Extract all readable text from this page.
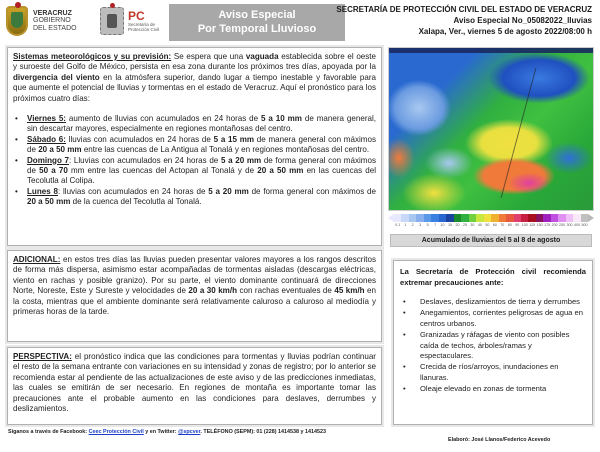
VERACRUZ
GOBIERNO
DEL ESTADO
PC
Secretaría de
Protección Civil
Aviso Especial
Por Temporal Lluvioso
SECRETARÍA DE PROTECCIÓN CIVIL DEL ESTADO DE VERACRUZ
Aviso Especial No_05082022_lluvias
Xalapa, Ver., viernes 5 de agosto 2022/08:00 h
Sistemas meteorológicos y su previsión: Se espera que una vaguada establecida sobre el oeste y suroeste del Golfo de México, persista en esa zona durante los próximos tres días, apoyada por la divergencia del viento en la atmósfera superior, dando lugar a tiempo inestable y favorable para que aumente el potencial de lluvias y tormentas en el estado de Veracruz. Aquí el pronóstico para los próximos cuatro días:
• Viernes 5: aumento de lluvias con acumulados en 24 horas de 5 a 10 mm de manera general, sin descartar mayores, especialmente en regiones montañosas del centro.
• Sábado 6: lluvias con acumulados en 24 horas de 5 a 15 mm de manera general con máximos de 20 a 50 mm entre las cuencas de La Antigua al Tonalá y en regiones montañosas del centro.
• Domingo 7: Lluvias con acumulados en 24 horas de 5 a 20 mm de forma general con máximos de 50 a 70 mm entre las cuencas del Actopan al Tonalá y de 20 a 50 mm en las cuencas del Tecolutla al Colipa.
• Lunes 8: lluvias con acumulados en 24 horas de 5 a 20 mm de forma general con máximos de 20 a 50 mm de la cuenca del Tecolutla al Tonalá.
ADICIONAL: en estos tres días las lluvias pueden presentar valores mayores a los rangos descritos de forma más dispersa, asimismo estar acompañadas de tormentas aisladas (descargas eléctricas, viento en rachas y posible granizo). Por su parte, el viento dominante continuará de direcciones Norte, Noreste, Este y Sureste y velocidades de 20 a 30 km/h con rachas eventuales de 45 km/h en la costa, mientras que el ambiente dominante será relativamente caluroso a caluroso al mediodía y primeras horas de la tarde.
PERSPECTIVA: el pronóstico indica que las condiciones para tormentas y lluvias podrían continuar el resto de la semana entrante con variaciones en su intensidad y zonas de registro; por lo anterior se recomienda estar al pendiente de las actualizaciones de este aviso y de las predicciones inmediatas, las cuales se emitirán de ser necesario. En regiones de montaña es importante tomar las precauciones ante el probable aumento en las condiciones para deslaves, derrumbes y deslizamientos.
0.1	1	2	3	5	7	10 15 20 25 30 40 50 60 70 80 90 100 125 150 175 200 250 300 400 500
Acumulado de lluvias del 5 al 8 de agosto
La Secretaría de Protección civil recomienda extremar precauciones ante:
• Deslaves, deslizamientos de tierra y derrumbes
• Anegamientos, corrientes peligrosas de agua en centros urbanos.
• Granizadas y ráfagas de viento con posibles caída de techos, árboles/ramas y espectaculares.
• Crecida de ríos/arroyos, inundaciones en llanuras.
• Oleaje elevado en zonas de tormenta
Síganos a través de Facebook: Ceec Protección Civil y en Twitter: @spcver. TELÉFONO (SEPM): 01 (228) 1414538 y 1414523
Elaboró: José Llanos/Federico Acevedo
